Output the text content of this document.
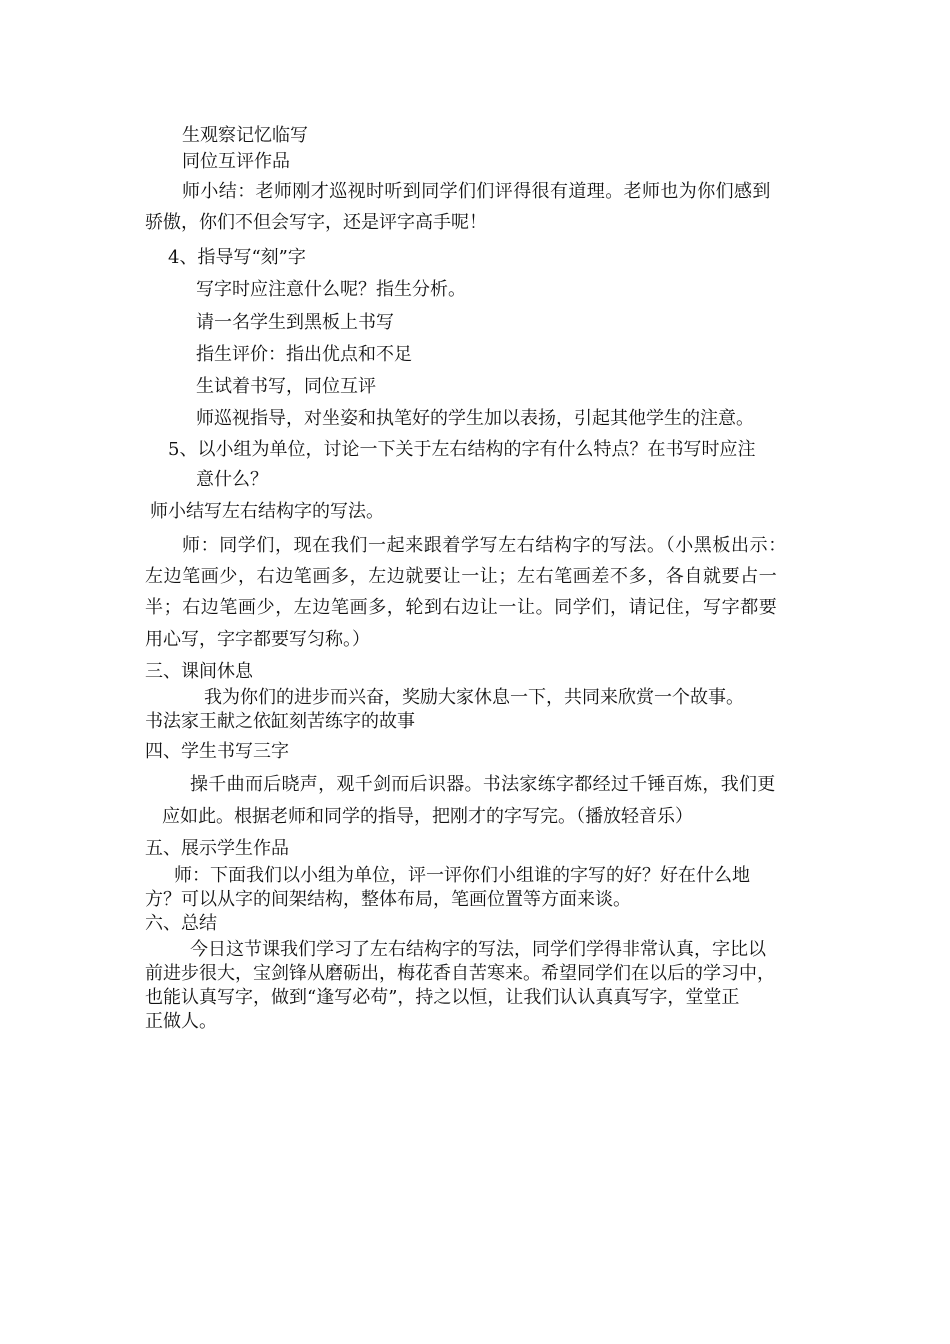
生观察记忆临写
同位互评作品
师小结：老师刚才巡视时听到同学们们评得很有道理。老师也为你们感到
骄傲，你们不但会写字，还是评字高手呢！
4、指导写“刻”字
写字时应注意什么呢？指生分析。
请一名学生到黑板上书写
指生评价：指出优点和不足
生试着书写，同位互评
师巡视指导，对坐姿和执笔好的学生加以表扬，引起其他学生的注意。
5、以小组为单位，讨论一下关于左右结构的字有什么特点？在书写时应注
意什么？
师小结写左右结构字的写法。
师：同学们，现在我们一起来跟着学写左右结构字的写法。（小黑板出示：
左边笔画少，右边笔画多，左边就要让一让；左右笔画差不多，各自就要占一
半；右边笔画少，左边笔画多，轮到右边让一让。同学们，请记住，写字都要
用心写，字字都要写匀称。）
三、课间休息
我为你们的进步而兴奋，奖励大家休息一下，共同来欣赏一个故事。
书法家王献之依缸刻苦练字的故事
四、学生书写三字
操千曲而后晓声，观千剑而后识器。书法家练字都经过千锤百炼，我们更
应如此。根据老师和同学的指导，把刚才的字写完。（播放轻音乐）
五、展示学生作品
师：下面我们以小组为单位，评一评你们小组谁的字写的好？好在什么地
方？可以从字的间架结构，整体布局，笔画位置等方面来谈。
六、总结
今日这节课我们学习了左右结构字的写法，同学们学得非常认真，字比以
前进步很大，宝剑锋从磨砺出，梅花香自苦寒来。希望同学们在以后的学习中，
也能认真写字，做到“逢写必苟”，持之以恒，让我们认认真真写字，堂堂正
正做人。
